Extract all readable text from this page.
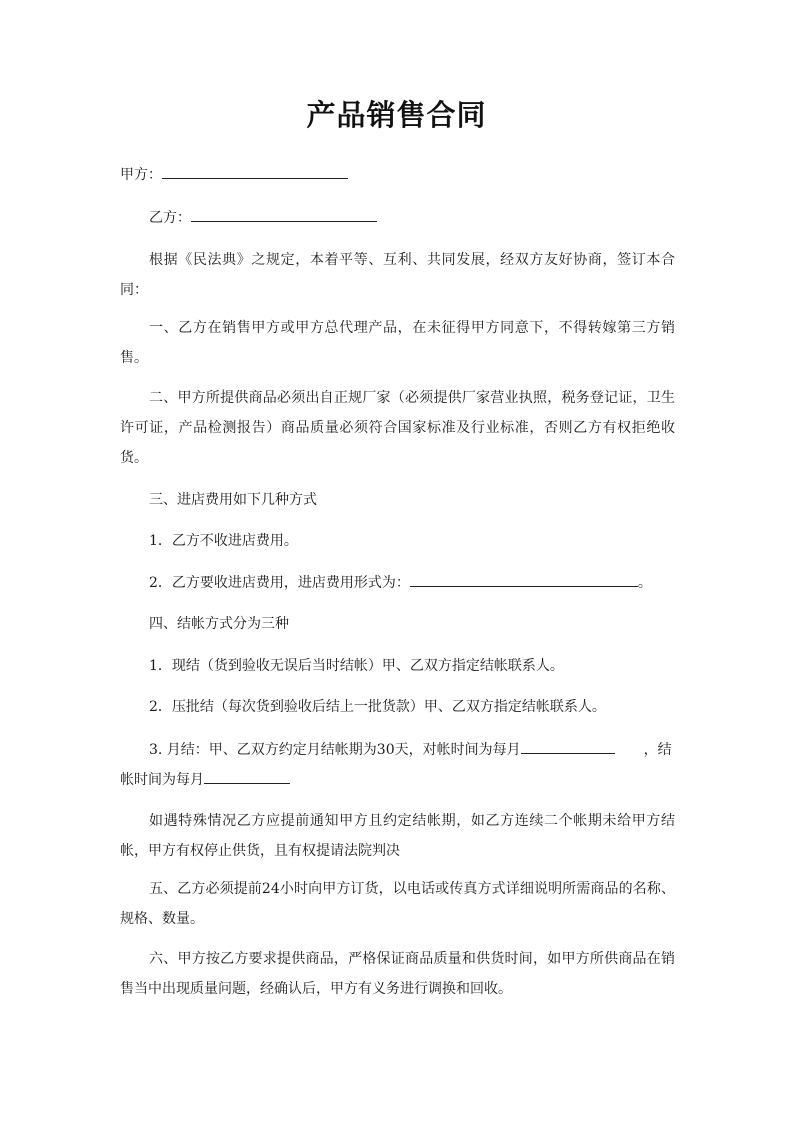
产品销售合同
甲方：
乙方：
根据《民法典》之规定，本着平等、互利、共同发展，经双方友好协商，签订本合同：
一、乙方在销售甲方或甲方总代理产品，在未征得甲方同意下，不得转嫁第三方销售。
二、甲方所提供商品必须出自正规厂家（必须提供厂家营业执照，税务登记证，卫生许可证，产品检测报告）商品质量必须符合国家标准及行业标准，否则乙方有权拒绝收货。
三、进店费用如下几种方式
1．乙方不收进店费用。
2．乙方要收进店费用，进店费用形式为：	。
四、结帐方式分为三种
1．现结（货到验收无误后当时结帐）甲、乙双方指定结帐联系人。
2．压批结（每次货到验收后结上一批货款）甲、乙双方指定结帐联系人。
3. 月结：甲、乙双方约定月结帐期为30天，对帐时间为每月	，结
帐时间为每月
如遇特殊情况乙方应提前通知甲方且约定结帐期，如乙方连续二个帐期未给甲方结帐，甲方有权停止供货，且有权提请法院判决
五、乙方必须提前24小时向甲方订货，以电话或传真方式详细说明所需商品的名称、规格、数量。
六、甲方按乙方要求提供商品，严格保证商品质量和供货时间，如甲方所供商品在销售当中出现质量问题，经确认后，甲方有义务进行调换和回收。
